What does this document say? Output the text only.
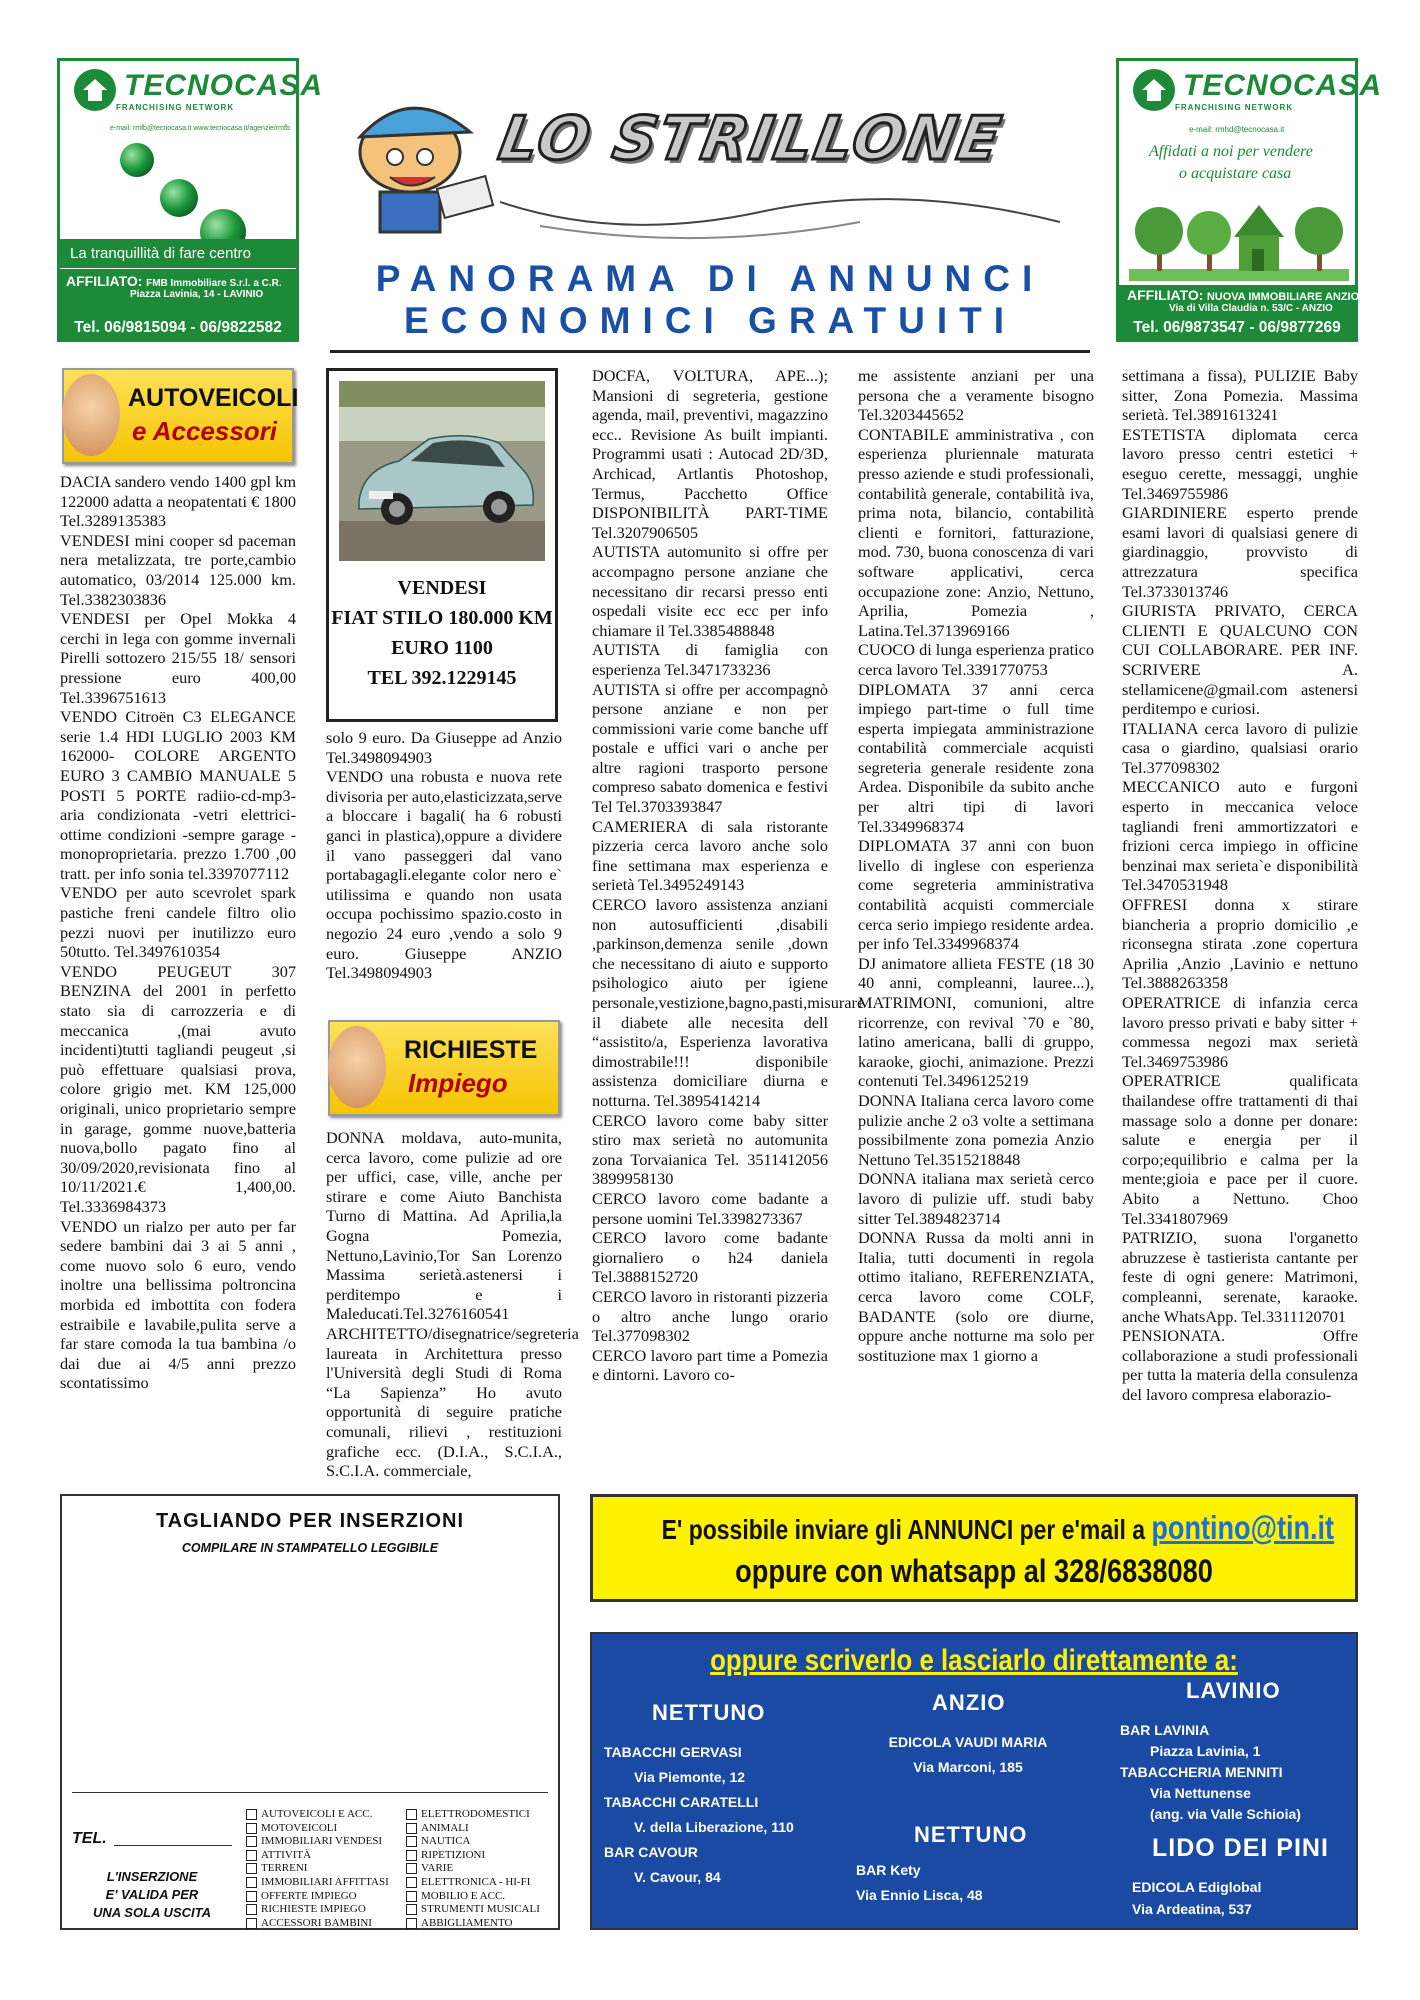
TECNOCASA
FRANCHISING NETWORK
e-mail: rmfb@tecnocasa.it www.tecnocasa.it/agenzie/rmfb
La tranquillità di fare centro
AFFILIATO: FMB Immobiliare S.r.l. a C.R.
Piazza Lavinia, 14 - LAVINIO
Tel. 06/9815094 - 06/9822582
TECNOCASA
FRANCHISING NETWORK
e-mail: rmhd@tecnocasa.it
Affidati a noi per vendere
o acquistare casa
AFFILIATO: NUOVA IMMOBILIARE ANZIO
Via di Villa Claudia n. 53/C - ANZIO
Tel. 06/9873547 - 06/9877269
LO STRILLONE
PANORAMA DI ANNUNCI
ECONOMICI GRATUITI
AUTOVEICOLI
e Accessori
RICHIESTE
Impiego
VENDESI
FIAT STILO 180.000 KM
EURO 1100
TEL 392.1229145

DACIA sandero vendo 1400 gpl km 122000 adatta a neopatentati € 1800 Tel.3289135383

VENDESI mini cooper sd paceman nera metalizzata, tre porte,cambio automatico, 03/2014 125.000 km. Tel.3382303836

VENDESI per Opel Mokka 4 cerchi in lega con gomme invernali Pirelli sottozero 215/55 18/ sensori pressione euro 400,00 Tel.3396751613

VENDO Citroën C3 ELEGANCE serie 1.4 HDI LUGLIO 2003 KM 162000- COLORE ARGENTO EURO 3 CAMBIO MANUALE 5 POSTI 5 PORTE radiio-cd-mp3- aria condizionata -vetri elettrici-ottime condizioni -sempre garage -monoproprietaria. prezzo 1.700 ,00 tratt. per info sonia tel.3397077112

VENDO per auto scevrolet spark pastiche freni candele filtro olio pezzi nuovi per inutilizzo euro 50tutto. Tel.3497610354

VENDO PEUGEUT 307 BENZINA del 2001 in perfetto stato sia di carrozzeria e di meccanica ,(mai avuto incidenti)tutti tagliandi peugeut ,si può effettuare qualsiasi prova, colore grigio met. KM 125,000 originali, unico proprietario sempre in garage, gomme nuove,batteria nuova,bollo pagato fino al 30/09/2020,revisionata fino al 10/11/2021.€ 1,400,00. Tel.3336984373

VENDO un rialzo per auto per far sedere bambini dai 3 ai 5 anni , come nuovo solo 6 euro, vendo inoltre una bellissima poltroncina morbida ed imbottita con fodera estraibile e lavabile,pulita serve a far stare comoda la tua bambina /o dai due ai 4/5 anni prezzo scontatissimo

solo 9 euro. Da Giuseppe ad Anzio Tel.3498094903

VENDO una robusta e nuova rete divisoria per auto,elasticizzata,serve a bloccare i bagali( ha 6 robusti ganci in plastica),oppure a dividere il vano passeggeri dal vano portabagagli.elegante color nero e` utilissima e quando non usata occupa pochissimo spazio.costo in negozio 24 euro ,vendo a solo 9 euro. Giuseppe ANZIO Tel.3498094903

DONNA moldava, auto-munita, cerca lavoro, come pulizie ad ore per uffici, case, ville, anche per stirare e come Aiuto Banchista Turno di Mattina. Ad Aprilia,la Gogna Pomezia, Nettuno,Lavinio,Tor San Lorenzo Massima serietà.astenersi i perditempo e i Maleducati.Tel.3276160541

ARCHITETTO/disegnatrice/segreteria laureata in Architettura presso l'Università degli Studi di Roma “La Sapienza” Ho avuto opportunità di seguire pratiche comunali, rilievi , restituzioni grafiche ecc. (D.I.A., S.C.I.A., S.C.I.A. commerciale,

DOCFA, VOLTURA, APE...); Mansioni di segreteria, gestione agenda, mail, preventivi, magazzino ecc.. Revisione As built impianti. Programmi usati : Autocad 2D/3D, Archicad, Artlantis Photoshop, Termus, Pacchetto Office DISPONIBILITÀ PART-TIME Tel.3207906505

AUTISTA automunito si offre per accompagno persone anziane che necessitano dir recarsi presso enti ospedali visite ecc ecc per info chiamare il Tel.3385488848

AUTISTA di famiglia con esperienza Tel.3471733236

AUTISTA si offre per accompagnò persone anziane e non per commissioni varie come banche uff postale e uffici vari o anche per altre ragioni trasporto persone compreso sabato domenica e festivi Tel Tel.3703393847

CAMERIERA di sala ristorante pizzeria cerca lavoro anche solo fine settimana max esperienza e serietà Tel.3495249143

CERCO lavoro assistenza anziani non autosufficienti ,disabili ,parkinson,demenza senile ,down che necessitano di aiuto e supporto psihologico aiuto per igiene personale,vestizione,bagno,pasti,misurare il diabete alle necesita dell “assistito/a, Esperienza lavorativa dimostrabile!!! disponibile assistenza domiciliare diurna e notturna. Tel.3895414214

CERCO lavoro come baby sitter stiro max serietà no automunita zona Torvaianica Tel. 3511412056 3899958130

CERCO lavoro come badante a persone uomini Tel.3398273367

CERCO lavoro come badante giornaliero o h24 daniela Tel.3888152720

CERCO lavoro in ristoranti pizzeria o altro anche lungo orario Tel.377098302

CERCO lavoro part time a Pomezia e dintorni. Lavoro co-

me assistente anziani per una persona che a veramente bisogno Tel.3203445652

CONTABILE amministrativa , con esperienza pluriennale maturata presso aziende e studi professionali, contabilità generale, contabilità iva, prima nota, bilancio, contabilità clienti e fornitori, fatturazione, mod. 730, buona conoscenza di vari software applicativi, cerca occupazione zone: Anzio, Nettuno, Aprilia, Pomezia , Latina.Tel.3713969166

CUOCO di lunga esperienza pratico cerca lavoro Tel.3391770753

DIPLOMATA 37 anni cerca impiego part-time o full time esperta impiegata amministrazione contabilità commerciale acquisti segreteria generale residente zona Ardea. Disponibile da subito anche per altri tipi di lavori Tel.3349968374

DIPLOMATA 37 anni con buon livello di inglese con esperienza come segreteria amministrativa contabilità acquisti commerciale cerca serio impiego residente ardea. per info Tel.3349968374

DJ animatore allieta FESTE (18 30 40 anni, compleanni, lauree...), MATRIMONI, comunioni, altre ricorrenze, con revival `70 e `80, latino americana, balli di gruppo, karaoke, giochi, animazione. Prezzi contenuti Tel.3496125219

DONNA Italiana cerca lavoro come pulizie anche 2 o3 volte a settimana possibilmente zona pomezia Anzio Nettuno Tel.3515218848

DONNA italiana max serietà cerco lavoro di pulizie uff. studi baby sitter Tel.3894823714

DONNA Russa da molti anni in Italia, tutti documenti in regola ottimo italiano, REFERENZIATA, cerca lavoro come COLF, BADANTE (solo ore diurne, oppure anche notturne ma solo per sostituzione max 1 giorno a

settimana a fissa), PULIZIE Baby sitter, Zona Pomezia. Massima serietà. Tel.3891613241

ESTETISTA diplomata cerca lavoro presso centri estetici + eseguo cerette, messaggi, unghie Tel.3469755986

GIARDINIERE esperto prende esami lavori di qualsiasi genere di giardinaggio, provvisto di attrezzatura specifica Tel.3733013746

GIURISTA PRIVATO, CERCA CLIENTI E QUALCUNO CON CUI COLLABORARE. PER INF. SCRIVERE A. stellamicene@gmail.com astenersi perditempo e curiosi.

ITALIANA cerca lavoro di pulizie casa o giardino, qualsiasi orario Tel.377098302

MECCANICO auto e furgoni esperto in meccanica veloce tagliandi freni ammortizzatori e frizioni cerca impiego in officine benzinai max serieta`e disponibilità Tel.3470531948

OFFRESI donna x stirare biancheria a proprio domicilio ,e riconsegna stirata .zone copertura Aprilia ,Anzio ,Lavinio e nettuno Tel.3888263358

OPERATRICE di infanzia cerca lavoro presso privati e baby sitter + commessa negozi max serietà Tel.3469753986

OPERATRICE qualificata thailandese offre trattamenti di thai massage solo a donne per donare: salute e energia per il corpo;equilibrio e calma per la mente;gioia e pace per il cuore. Abito a Nettuno. Choo Tel.3341807969

PATRIZIO, suona l'organetto abruzzese è tastierista cantante per feste di ogni genere: Matrimoni, compleanni, serenate, karaoke. anche WhatsApp. Tel.3311120701

PENSIONATA. Offre collaborazione a studi professionali per tutta la materia della consulenza del lavoro compresa elaborazio-

TAGLIANDO PER INSERZIONI
COMPILARE IN STAMPATELLO LEGGIBILE
TEL.
L'INSERZIONE
E' VALIDA PER
UNA SOLA USCITA
AUTOVEICOLI E ACC.
MOTOVEICOLI
IMMOBILIARI VENDESI
ATTIVITÀ
TERRENI
IMMOBILIARI AFFITTASI
OFFERTE IMPIEGO
RICHIESTE IMPIEGO
ACCESSORI BAMBINI
ELETTRODOMESTICI
ANIMALI
NAUTICA
RIPETIZIONI
VARIE
ELETTRONICA - HI-FI
MOBILIO E ACC.
STRUMENTI MUSICALI
ABBIGLIAMENTO
E' possibile inviare gli ANNUNCI per e'mail a pontino@tin.it
oppure con whatsapp al 328/6838080
oppure scriverlo e lasciarlo direttamente a:
NETTUNO
TABACCHI GERVASI
Via Piemonte, 12
TABACCHI CARATELLI
V. della Liberazione, 110
BAR CAVOUR
V. Cavour, 84
ANZIO
EDICOLA VAUDI MARIA
Via Marconi, 185
NETTUNO
BAR Kety
Via Ennio Lisca, 48
LAVINIO
BAR LAVINIA
Piazza Lavinia, 1
TABACCHERIA MENNITI
Via Nettunense
(ang. via Valle Schioia)
LIDO DEI PINI
EDICOLA Ediglobal
Via Ardeatina, 537
